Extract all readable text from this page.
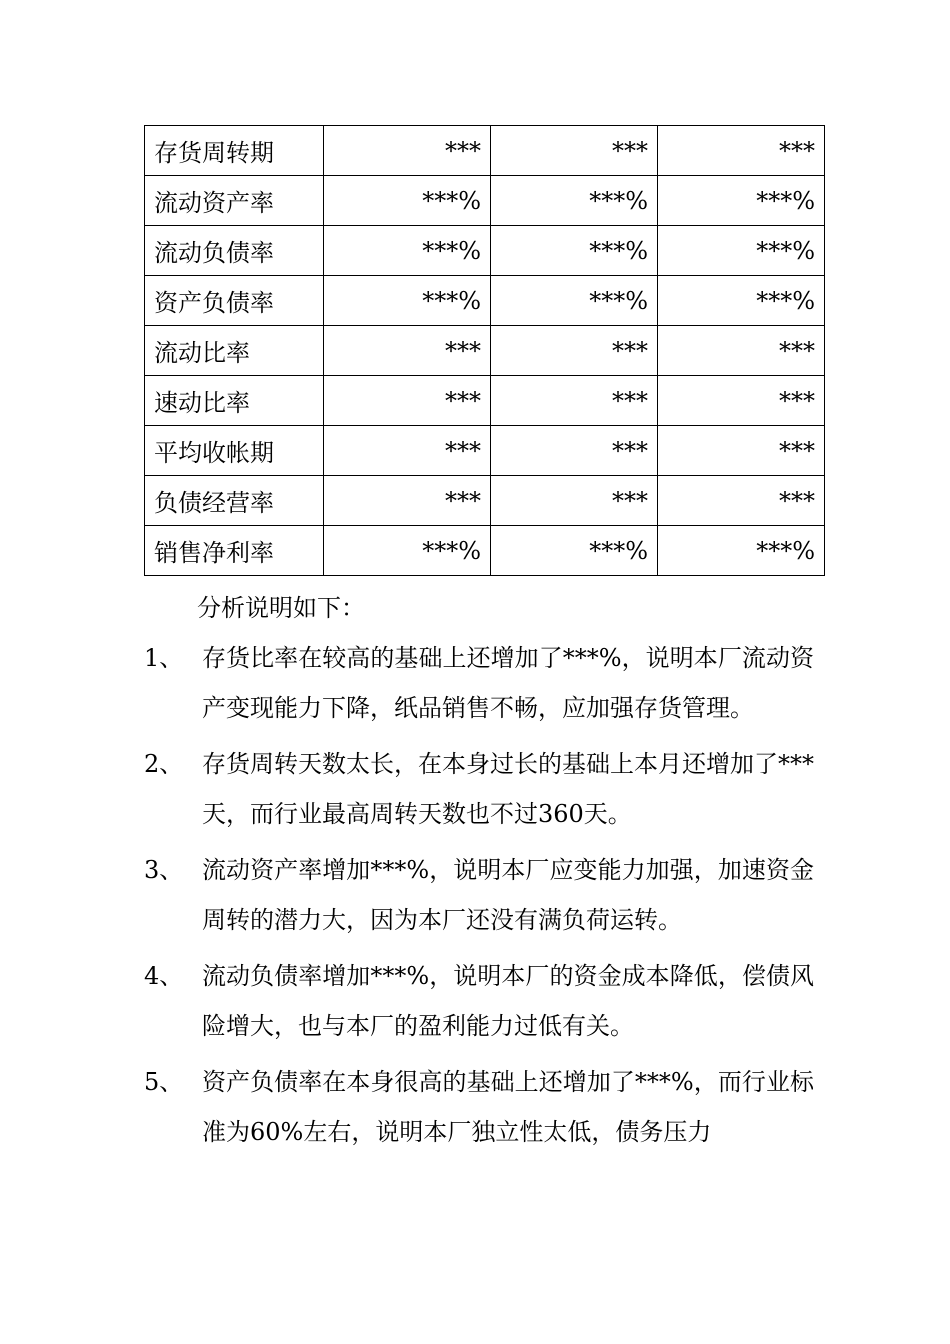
存货周转期	***	***	***
流动资产率	***%	***%	***%
流动负债率	***%	***%	***%
资产负债率	***%	***%	***%
流动比率	***	***	***
速动比率	***	***	***
平均收帐期	***	***	***
负债经营率	***	***	***
销售净利率	***%	***%	***%
分析说明如下：
1、 存货比率在较高的基础上还增加了***%，说明本厂流动资产变现能力下降，纸品销售不畅，应加强存货管理。
2、 存货周转天数太长，在本身过长的基础上本月还增加了***天，而行业最高周转天数也不过360天。
3、 流动资产率增加***%，说明本厂应变能力加强，加速资金周转的潜力大，因为本厂还没有满负荷运转。
4、 流动负债率增加***%，说明本厂的资金成本降低，偿债风险增大，也与本厂的盈利能力过低有关。
5、 资产负债率在本身很高的基础上还增加了***%，而行业标准为60%左右，说明本厂独立性太低，债务压力
